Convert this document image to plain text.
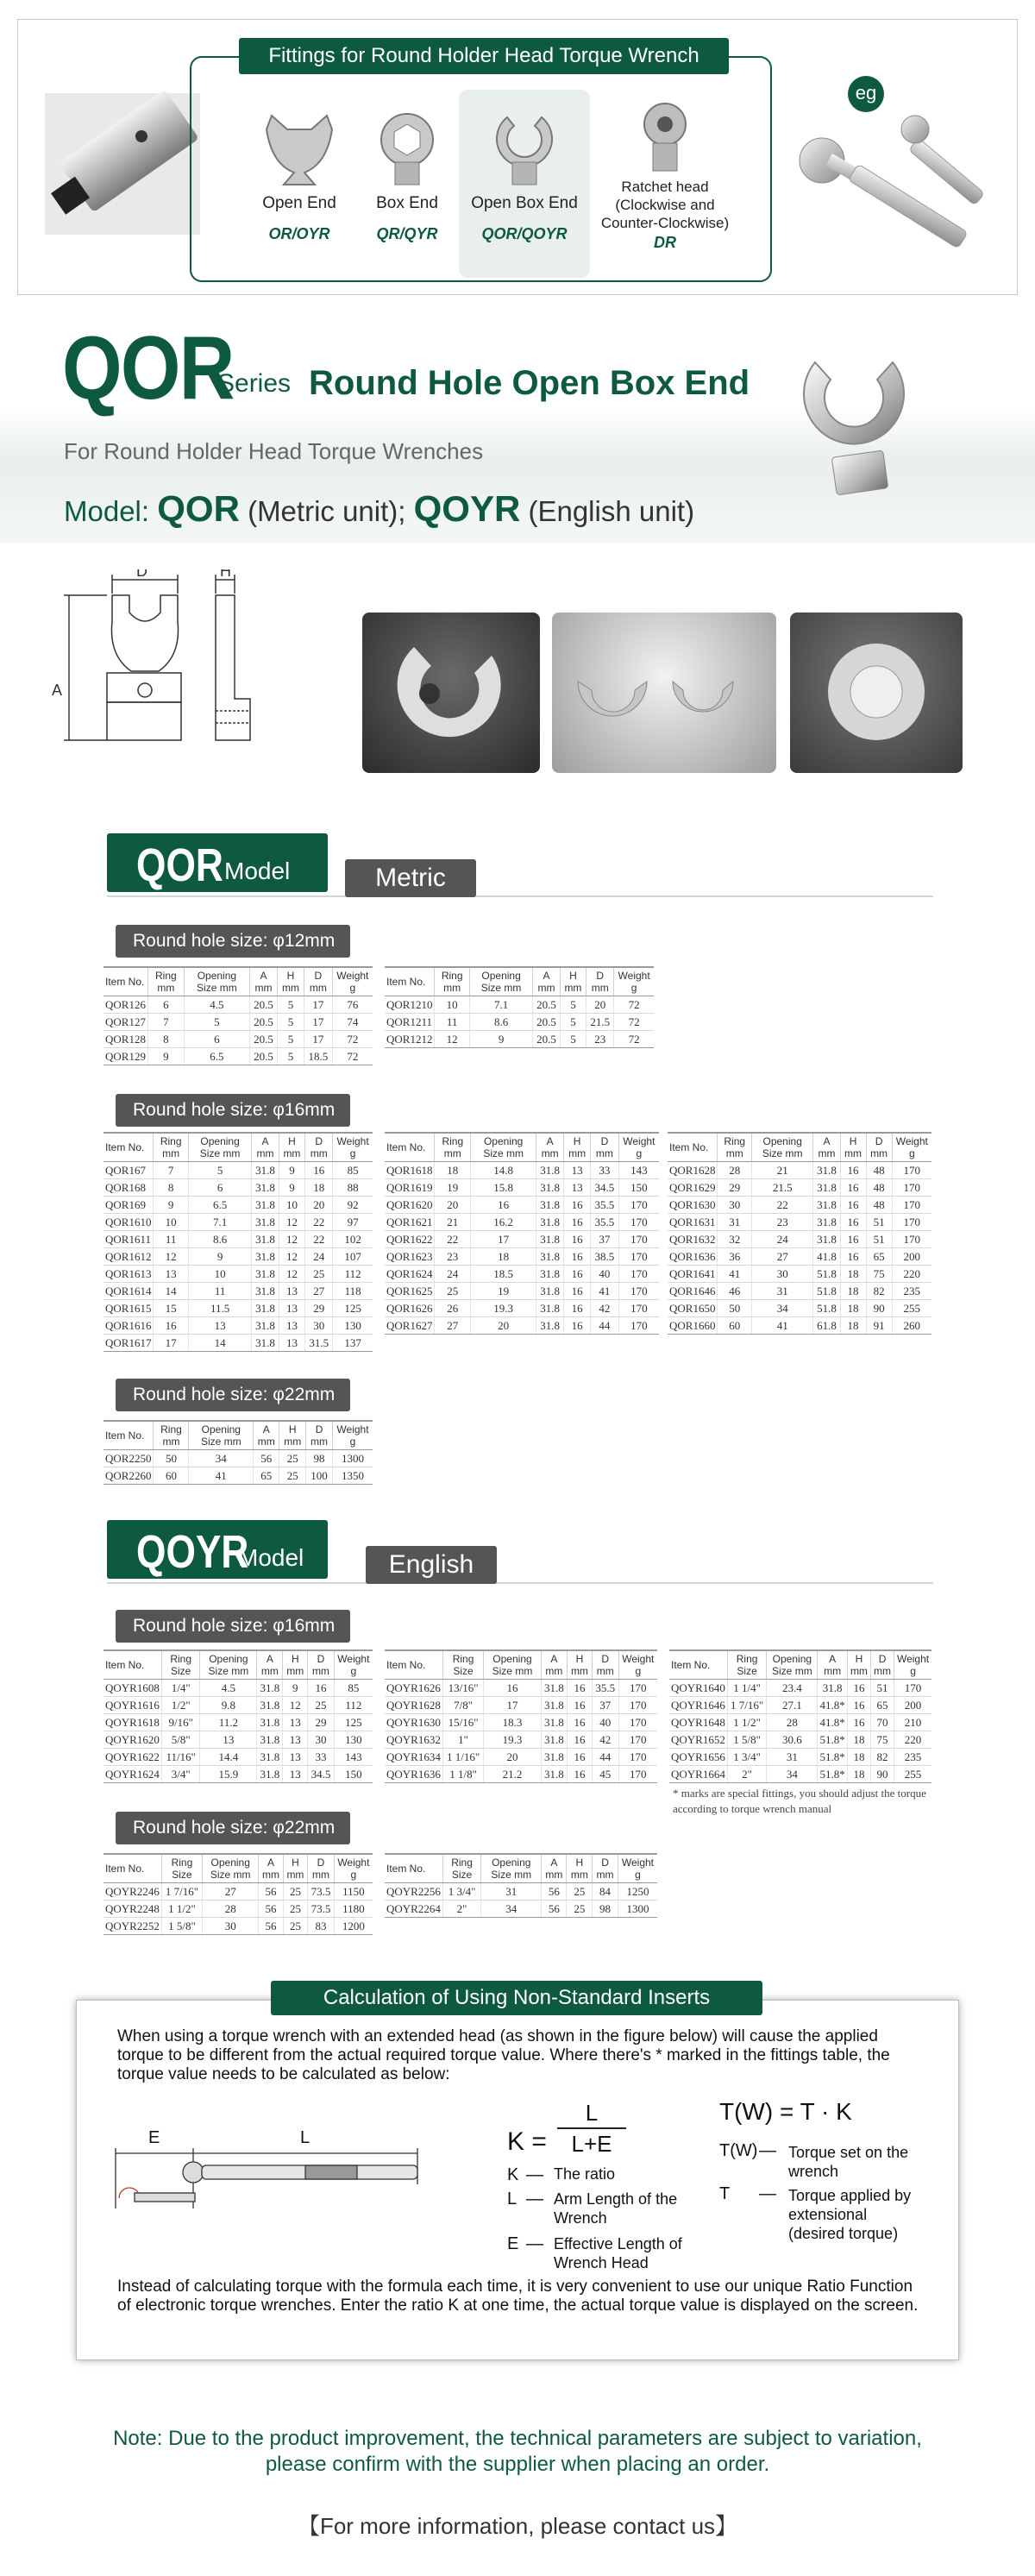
Fittings for Round Holder Head Torque Wrench
Open End
OR/OYR
Box End
QR/QYR
Open Box End
QOR/QOYR
Ratchet head (Clockwise and Counter-Clockwise)
DR
eg
QOR
Series Round Hole Open Box End
For Round Holder Head Torque Wrenches
Model: QOR (Metric unit); QOYR (English unit)
D	H
A
QOR Model	Metric
Round hole size: φ12mm
Item No.	Ring mm	Opening Size mm	A mm	H mm	D mm	Weight g
QOR126	6	4.5	20.5	5	17	76
QOR127	7	5	20.5	5	17	74
QOR128	8	6	20.5	5	17	72
QOR129	9	6.5	20.5	5	18.5	72
Item No.	Ring mm	Opening Size mm	A mm	H mm	D mm	Weight g
QOR1210	10	7.1	20.5	5	20	72
QOR1211	11	8.6	20.5	5	21.5	72
QOR1212	12	9	20.5	5	23	72
Round hole size: φ16mm
Item No.	Ring mm	Opening Size mm	A mm	H mm	D mm	Weight g
QOR167	7	5	31.8	9	16	85
QOR168	8	6	31.8	9	18	88
QOR169	9	6.5	31.8	10	20	92
QOR1610	10	7.1	31.8	12	22	97
QOR1611	11	8.6	31.8	12	22	102
QOR1612	12	9	31.8	12	24	107
QOR1613	13	10	31.8	12	25	112
QOR1614	14	11	31.8	13	27	118
QOR1615	15	11.5	31.8	13	29	125
QOR1616	16	13	31.8	13	30	130
QOR1617	17	14	31.8	13	31.5	137
Item No.	Ring mm	Opening Size mm	A mm	H mm	D mm	Weight g
QOR1618	18	14.8	31.8	13	33	143
QOR1619	19	15.8	31.8	13	34.5	150
QOR1620	20	16	31.8	16	35.5	170
QOR1621	21	16.2	31.8	16	35.5	170
QOR1622	22	17	31.8	16	37	170
QOR1623	23	18	31.8	16	38.5	170
QOR1624	24	18.5	31.8	16	40	170
QOR1625	25	19	31.8	16	41	170
QOR1626	26	19.3	31.8	16	42	170
QOR1627	27	20	31.8	16	44	170
Item No.	Ring mm	Opening Size mm	A mm	H mm	D mm	Weight g
QOR1628	28	21	31.8	16	48	170
QOR1629	29	21.5	31.8	16	48	170
QOR1630	30	22	31.8	16	48	170
QOR1631	31	23	31.8	16	51	170
QOR1632	32	24	31.8	16	51	170
QOR1636	36	27	41.8	16	65	200
QOR1641	41	30	51.8	18	75	220
QOR1646	46	31	51.8	18	82	235
QOR1650	50	34	51.8	18	90	255
QOR1660	60	41	61.8	18	91	260
Round hole size: φ22mm
Item No.	Ring mm	Opening Size mm	A mm	H mm	D mm	Weight g
QOR2250	50	34	56	25	98	1300
QOR2260	60	41	65	25	100	1350
QOYR
Model	English
Round hole size: φ16mm
Item No.	Ring Size	Opening Size mm	A mm	H mm	D mm	Weight g
QOYR1608	1/4"	4.5	31.8	9	16	85
QOYR1616	1/2"	9.8	31.8	12	25	112
QOYR1618	9/16"	11.2	31.8	13	29	125
QOYR1620	5/8"	13	31.8	13	30	130
QOYR1622	11/16"	14.4	31.8	13	33	143
QOYR1624	3/4"	15.9	31.8	13	34.5	150
Item No.	Ring Size	Opening Size mm	A mm	H mm	D mm	Weight g
QOYR1626	13/16"	16	31.8	16	35.5	170
QOYR1628	7/8"	17	31.8	16	37	170
QOYR1630	15/16"	18.3	31.8	16	40	170
QOYR1632	1"	19.3	31.8	16	42	170
QOYR1634	1 1/16"	20	31.8	16	44	170
QOYR1636	1 1/8"	21.2	31.8	16	45	170
Item No.	Ring Size	Opening Size mm	A mm	H mm	D mm	Weight g
QOYR1640	1 1/4"	23.4	31.8	16	51	170
QOYR1646	1 7/16"	27.1	41.8*	16	65	200
QOYR1648	1 1/2"	28	41.8*	16	70	210
QOYR1652	1 5/8"	30.6	51.8*	18	75	220
QOYR1656	1 3/4"	31	51.8*	18	82	235
QOYR1664	2"	34	51.8*	18	90	255
* marks are special fittings, you should adjust the torque according to torque wrench manual
Round hole size: φ22mm
Item No.	Ring Size	Opening Size mm	A mm	H mm	D mm	Weight g
QOYR2246	1 7/16"	27	56	25	73.5	1150
QOYR2248	1 1/2"	28	56	25	73.5	1180
QOYR2252	1 5/8"	30	56	25	83	1200
Item No.	Ring Size	Opening Size mm	A mm	H mm	D mm	Weight g
QOYR2256	1 3/4"	31	56	25	84	1250
QOYR2264	2"	34	56	25	98	1300
Calculation of Using Non-Standard Inserts
When using a torque wrench with an extended head (as shown in the figure below) will cause the applied torque to be different from the actual required torque value. Where there's * marked in the fittings table, the torque value needs to be calculated as below:
E	L	K =
L
L+E
K — The ratio
L — Arm Length of the Wrench
E — Effective Length of Wrench Head
T(W) = T · K
T(W) — Torque set on the wrench
T — Torque applied by extensional (desired torque)
Instead of calculating torque with the formula each time, it is very convenient to use our unique Ratio Function of electronic torque wrenches. Enter the ratio K at one time, the actual torque value is displayed on the screen.
Note: Due to the product improvement, the technical parameters are subject to variation, please confirm with the supplier when placing an order.
【For more information, please contact us】
